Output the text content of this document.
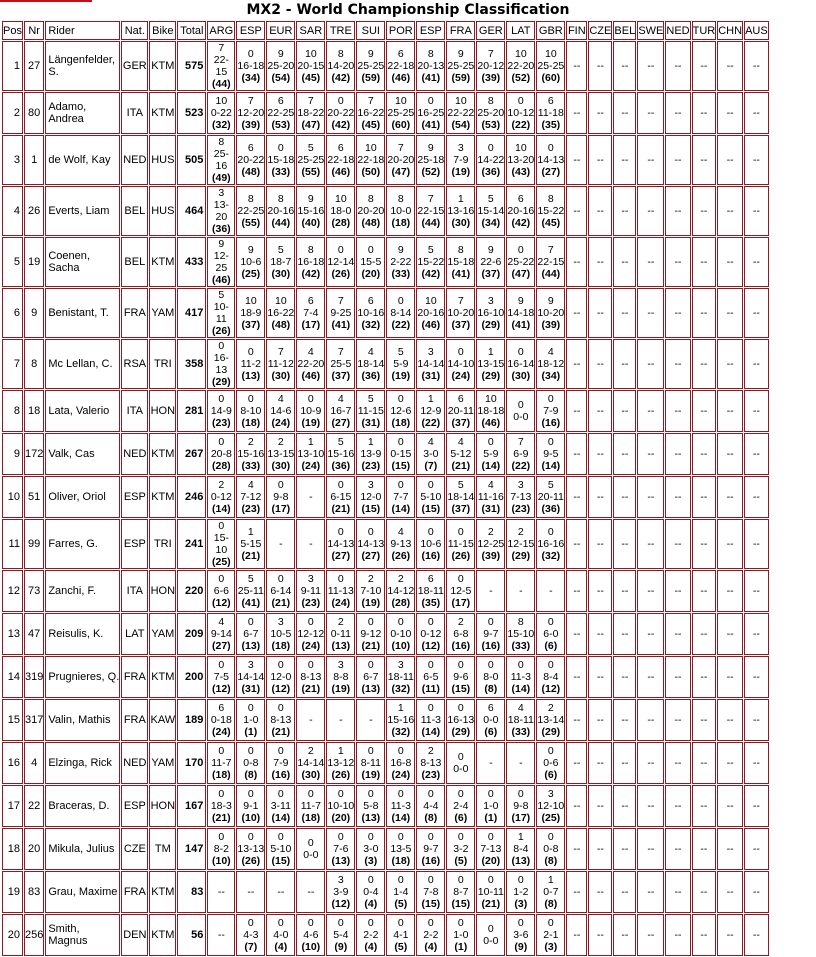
MX2 - World Championship Classification
Pos	Nr	Rider	Nat.	Bike	Total	ARG	ESP	EUR	SAR	TRE	SUI	POR	ESP	FRA	GER	LAT	GBR	FIN	CZE	BEL	SWE	NED	TUR	CHN	AUS
1	27	Längenfelder,
S.	GER	KTM	575	7
22-15
(44)	0
16-18
(34)	9
25-20
(54)	10
20-15
(45)	8
14-20
(42)	9
25-25
(59)	6
22-18
(46)	8
20-13
(41)	9
25-25
(59)	7
20-12
(39)	10
22-20
(52)	10
25-25
(60)	--	--	--	--	--	--	--	--
2	80	Adamo,
Andrea	ITA	KTM	523	10
0-22
(32)	7
12-20
(39)	6
22-25
(53)	7
18-22
(47)	0
20-22
(42)	7
16-22
(45)	10
25-25
(60)	0
16-25
(41)	10
22-22
(54)	8
25-20
(53)	0
10-12
(22)	6
11-18
(35)	--	--	--	--	--	--	--	--
3	1	de Wolf, Kay	NED	HUS	505	8
25-16
(49)	6
20-22
(48)	0
15-18
(33)	5
25-25
(55)	6
22-18
(46)	10
22-18
(50)	7
20-20
(47)	9
25-18
(52)	3
7-9
(19)	0
14-22
(36)	10
13-20
(43)	0
14-13
(27)	--	--	--	--	--	--	--	--
4	26	Everts, Liam	BEL	HUS	464	3
13-20
(36)	8
22-25
(55)	8
20-16
(44)	9
15-16
(40)	10
18-0
(28)	8
20-20
(48)	8
10-0
(18)	7
22-15
(44)	1
13-16
(30)	5
15-14
(34)	6
20-16
(42)	8
15-22
(45)	--	--	--	--	--	--	--	--
5	19	Coenen,
Sacha	BEL	KTM	433	9
12-25
(46)	9
10-6
(25)	5
18-7
(30)	8
16-18
(42)	0
12-14
(26)	0
15-5
(20)	9
2-22
(33)	5
15-22
(42)	8
15-18
(41)	9
22-6
(37)	0
25-22
(47)	7
22-15
(44)	--	--	--	--	--	--	--	--
6	9	Benistant, T.	FRA	YAM	417	5
10-11
(26)	10
18-9
(37)	10
16-22
(48)	6
7-4
(17)	7
9-25
(41)	6
10-16
(32)	0
8-14
(22)	10
20-16
(46)	7
10-20
(37)	3
16-10
(29)	9
14-18
(41)	9
10-20
(39)	--	--	--	--	--	--	--	--
7	8	Mc Lellan, C.	RSA	TRI	358	0
16-13
(29)	0
11-2
(13)	7
11-12
(30)	4
22-20
(46)	7
25-5
(37)	4
18-14
(36)	5
5-9
(19)	3
14-14
(31)	0
14-10
(24)	1
13-15
(29)	0
16-14
(30)	4
18-12
(34)	--	--	--	--	--	--	--	--
8	18	Lata, Valerio	ITA	HON	281	0
14-9
(23)	0
8-10
(18)	4
14-6
(24)	0
10-9
(19)	4
16-7
(27)	5
11-15
(31)	0
12-6
(18)	1
12-9
(22)	6
20-11
(37)	10
18-18
(46)	0
0-0	0
7-9
(16)	--	--	--	--	--	--	--	--
9	172	Valk, Cas	NED	KTM	267	0
20-8
(28)	2
15-16
(33)	2
13-15
(30)	1
13-10
(24)	5
15-16
(36)	1
13-9
(23)	0
0-15
(15)	4
3-0
(7)	4
5-12
(21)	0
5-9
(14)	7
6-9
(22)	0
9-5
(14)	--	--	--	--	--	--	--	--
10	51	Oliver, Oriol	ESP	KTM	246	2
0-12
(14)	4
7-12
(23)	0
9-8
(17)	-	0
6-15
(21)	3
12-0
(15)	0
7-7
(14)	0
5-10
(15)	5
18-14
(37)	4
11-16
(31)	3
7-13
(23)	5
20-11
(36)	--	--	--	--	--	--	--	--
11	99	Farres, G.	ESP	TRI	241	0
15-10
(25)	1
5-15
(21)	-	-	0
14-13
(27)	0
14-13
(27)	4
9-13
(26)	0
10-6
(16)	0
11-15
(26)	2
12-25
(39)	2
12-15
(29)	0
16-16
(32)	--	--	--	--	--	--	--	--
12	73	Zanchi, F.	ITA	HON	220	0
6-6
(12)	5
25-11
(41)	0
6-14
(21)	3
9-11
(23)	0
11-13
(24)	2
7-10
(19)	2
14-12
(28)	6
18-11
(35)	0
12-5
(17)	-	-	-	--	--	--	--	--	--	--	--
13	47	Reisulis, K.	LAT	YAM	209	4
9-14
(27)	0
6-7
(13)	3
10-5
(18)	0
12-12
(24)	2
0-11
(13)	0
9-12
(21)	0
0-10
(10)	0
0-12
(12)	2
6-8
(16)	0
9-7
(16)	8
15-10
(33)	0
6-0
(6)	--	--	--	--	--	--	--	--
14	319	Prugnieres, Q.	FRA	KTM	200	0
7-5
(12)	3
14-14
(31)	0
12-0
(12)	0
8-13
(21)	3
8-8
(19)	0
6-7
(13)	3
18-11
(32)	0
6-5
(11)	0
9-6
(15)	0
8-0
(8)	0
11-3
(14)	0
8-4
(12)	--	--	--	--	--	--	--	--
15	317	Valin, Mathis	FRA	KAW	189	6
0-18
(24)	0
1-0
(1)	0
8-13
(21)	-	-	-	1
15-16
(32)	0
11-3
(14)	0
16-13
(29)	6
0-0
(6)	4
18-11
(33)	2
13-14
(29)	--	--	--	--	--	--	--	--
16	4	Elzinga, Rick	NED	YAM	170	0
11-7
(18)	0
0-8
(8)	0
7-9
(16)	2
14-14
(30)	1
13-12
(26)	0
8-11
(19)	0
16-8
(24)	2
8-13
(23)	0
0-0	-	-	0
0-6
(6)	--	--	--	--	--	--	--	--
17	22	Braceras, D.	ESP	HON	167	0
18-3
(21)	0
9-1
(10)	0
3-11
(14)	0
11-7
(18)	0
10-10
(20)	0
5-8
(13)	0
11-3
(14)	0
4-4
(8)	0
2-4
(6)	0
1-0
(1)	0
9-8
(17)	3
12-10
(25)	--	--	--	--	--	--	--	--
18	20	Mikula, Julius	CZE	TM	147	0
8-2
(10)	0
13-13
(26)	0
5-10
(15)	0
0-0	0
7-6
(13)	0
3-0
(3)	0
13-5
(18)	0
9-7
(16)	0
3-2
(5)	0
7-13
(20)	1
8-4
(13)	0
0-8
(8)	--	--	--	--	--	--	--	--
19	83	Grau, Maxime	FRA	KTM	83	--	--	--	--	3
3-9
(12)	0
0-4
(4)	0
1-4
(5)	0
7-8
(15)	0
8-7
(15)	0
10-11
(21)	0
1-2
(3)	1
0-7
(8)	--	--	--	--	--	--	--	--
20	256	Smith, Magnus	DEN	KTM	56	--	0
4-3
(7)	0
4-0
(4)	0
4-6
(10)	0
5-4
(9)	0
2-2
(4)	0
4-1
(5)	0
2-2
(4)	0
1-0
(1)	0
0-0	0
3-6
(9)	0
2-1
(3)	--	--	--	--	--	--	--	--
